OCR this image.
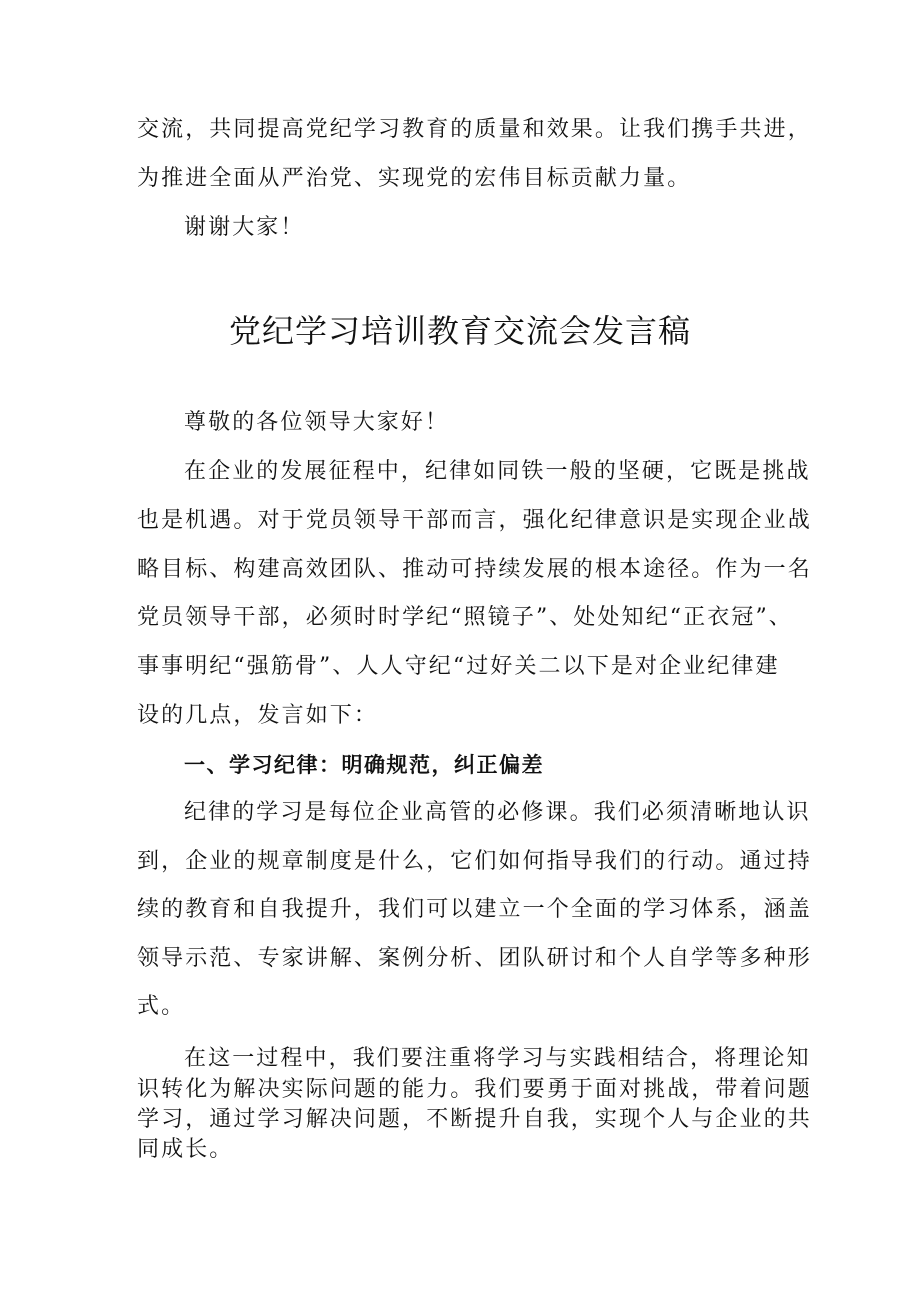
交流，共同提高党纪学习教育的质量和效果。让我们携手共进，
为推进全面从严治党、实现党的宏伟目标贡献力量。
谢谢大家！
党纪学习培训教育交流会发言稿
尊敬的各位领导大家好！
在企业的发展征程中，纪律如同铁一般的坚硬，它既是挑战
也是机遇。对于党员领导干部而言，强化纪律意识是实现企业战
略目标、构建高效团队、推动可持续发展的根本途径。作为一名
党员领导干部，必须时时学纪“照镜子”、处处知纪“正衣冠”、
事事明纪“强筋骨”、人人守纪“过好关二以下是对企业纪律建
设的几点，发言如下：
一、学习纪律：明确规范，纠正偏差
纪律的学习是每位企业高管的必修课。我们必须清晰地认识
到，企业的规章制度是什么，它们如何指导我们的行动。通过持
续的教育和自我提升，我们可以建立一个全面的学习体系，涵盖
领导示范、专家讲解、案例分析、团队研讨和个人自学等多种形
式。
在这一过程中，我们要注重将学习与实践相结合，将理论知
识转化为解决实际问题的能力。我们要勇于面对挑战，带着问题
学习，通过学习解决问题，不断提升自我，实现个人与企业的共
同成长。
